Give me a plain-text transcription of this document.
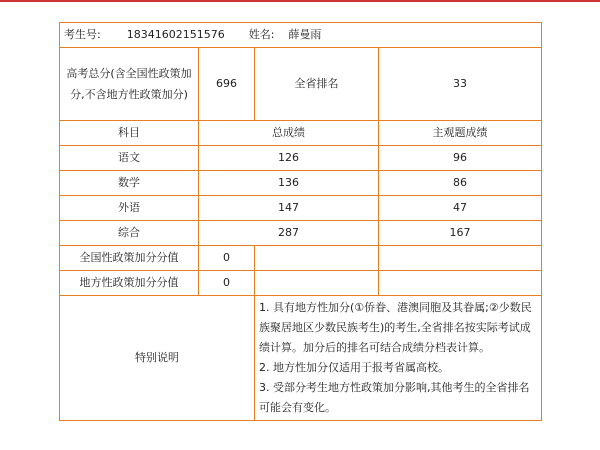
考生号: 18341602151576 姓名: 薛曼雨			
高考总分(含全国性政策加分,不含地方性政策加分)	696	全省排名	33
科目	总成绩		主观题成绩
语文	126		96
数学	136		86
外语	147		47
综合	287		167
全国性政策加分分值	0		
地方性政策加分分值	0		
特别说明		1. 具有地方性加分(①侨眷、港澳同胞及其眷属;②少数民族聚居地区少数民族考生)的考生,全省排名按实际考试成绩计算。加分后的排名可结合成绩分档表计算。

2. 地方性加分仅适用于报考省属高校。

3. 受部分考生地方性政策加分影响,其他考生的全省排名可能会有变化。	
